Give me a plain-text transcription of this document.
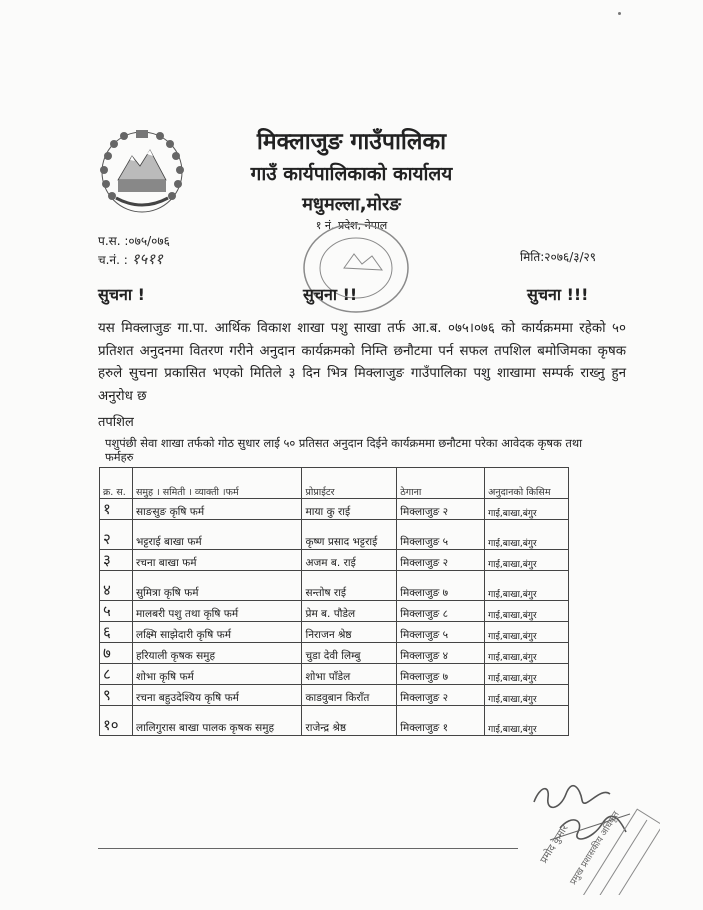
मिक्लाजुङ गाउँपालिका
गाउँ कार्यपालिकाको कार्यालय
मधुमल्ला,मोरङ
१ नं. प्रदेश, नेपाल
प.स. :०७५/०७६
च.नं. : १५११	मिति:२०७६/३/२९
सुचना !	सुचना !!	सुचना !!!
यस मिक्लाजुङ गा.पा. आर्थिक विकाश शाखा पशु साखा तर्फ आ.ब. ०७५।०७६ को कार्यक्रममा रहेको ५० प्रतिशत अनुदनमा वितरण गरीने अनुदान कार्यक्रमको निम्ति छनौटमा पर्न सफल तपशिल बमोजिमका कृषक हरुले सुचना प्रकासित भएको मितिले ३ दिन भित्र मिक्लाजुङ गाउँपालिका पशु शाखामा सम्पर्क राख्नु हुन अनुरोध छ
तपशिल
पशुपंछी सेवा शाखा तर्फको गोठ सुधार लाई ५० प्रतिसत अनुदान दिईने कार्यक्रममा छनौटमा परेका आवेदक कृषक तथा फर्महरु
क्र. स.	समुह । समिती । व्याक्ती ।फर्म	प्रोप्राईटर	ठेगाना	अनुदानको किसिम
१	साङसुङ कृषि फर्म	माया कु राई	मिक्लाजुङ २	गाई,बाखा,बंगुर
२	भट्टराई बाखा फर्म	कृष्ण प्रसाद भट्टराई	मिक्लाजुङ ५	गाई,बाखा,बंगुर
३	रचना बाखा फर्म	अजम ब. राई	मिक्लाजुङ २	गाई,बाखा,बंगुर
४	सुमित्रा कृषि फर्म	सन्तोष राई	मिक्लाजुङ ७	गाई,बाखा,बंगुर
५	मालबरी पशु तथा कृषि फर्म	प्रेम ब. पौडेल	मिक्लाजुङ ८	गाई,बाखा,बंगुर
६	लक्ष्मि साझेदारी कृषि फर्म	निराजन श्रेष्ठ	मिक्लाजुङ ५	गाई,बाखा,बंगुर
७	हरियाली कृषक समुह	चुडा देवी लिम्बु	मिक्लाजुङ ४	गाई,बाखा,बंगुर
८	शोभा कृषि फर्म	शोभा पाँडेल	मिक्लाजुङ ७	गाई,बाखा,बंगुर
९	रचना बहुउदेश्यिय कृषि फर्म	काडवुबान किराँत	मिक्लाजुङ २	गाई,बाखा,बंगुर
१०	लालिगुरास बाखा पालक कृषक समुह	राजेन्द्र श्रेष्ठ	मिक्लाजुङ १	गाई,बाखा,बंगुर
प्रमोद कुमार
प्रमुख प्रशासकीय अधिकृत
